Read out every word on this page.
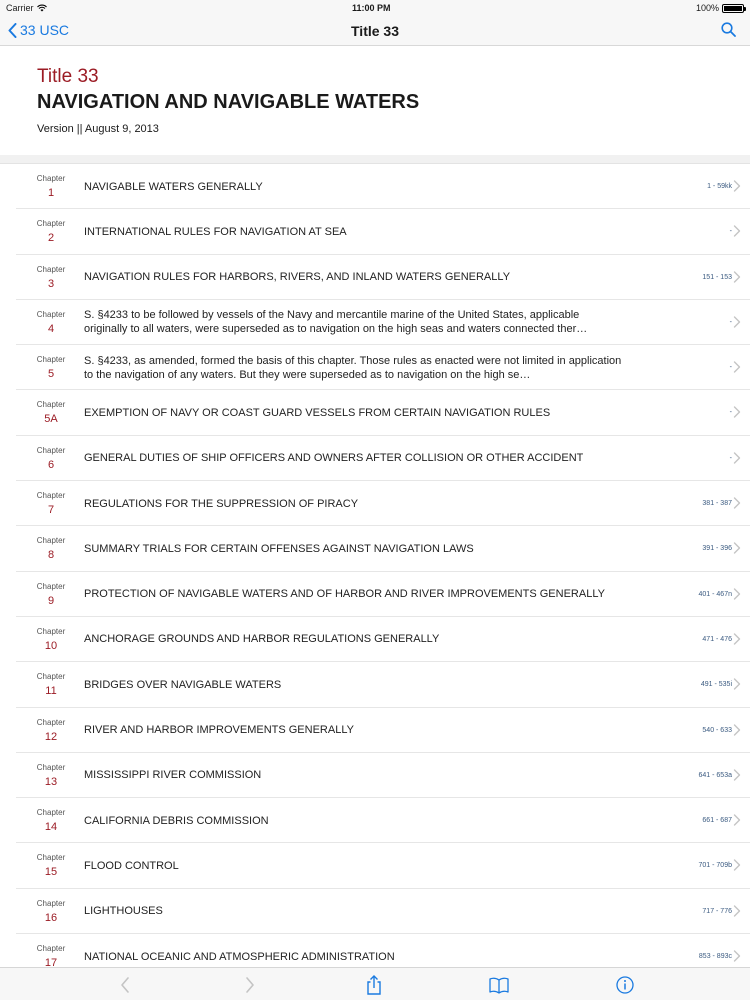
Carrier	11:00 PM	100%
33 USC	Title 33
Title 33
NAVIGATION AND NAVIGABLE WATERS
Version || August 9, 2013
Chapter
1
NAVIGABLE WATERS GENERALLY	1 - 59kk
Chapter
2
INTERNATIONAL RULES FOR NAVIGATION AT SEA	-
Chapter
3
NAVIGATION RULES FOR HARBORS, RIVERS, AND INLAND WATERS GENERALLY	151 - 153
Chapter
4
S. §4233 to be followed by vessels of the Navy and mercantile marine of the United States, applicable originally to all waters, were superseded as to navigation on the high seas and waters connected ther…
-
Chapter
5
S. §4233, as amended, formed the basis of this chapter. Those rules as enacted were not limited in application to the navigation of any waters. But they were superseded as to navigation on the high se…
-
Chapter
5A
EXEMPTION OF NAVY OR COAST GUARD VESSELS FROM CERTAIN NAVIGATION RULES	-
Chapter
6
GENERAL DUTIES OF SHIP OFFICERS AND OWNERS AFTER COLLISION OR OTHER ACCIDENT	-
Chapter
7
REGULATIONS FOR THE SUPPRESSION OF PIRACY	381 - 387
Chapter
8
SUMMARY TRIALS FOR CERTAIN OFFENSES AGAINST NAVIGATION LAWS	391 - 396
Chapter
9
PROTECTION OF NAVIGABLE WATERS AND OF HARBOR AND RIVER IMPROVEMENTS GENERALLY	401 - 467n
Chapter
10
ANCHORAGE GROUNDS AND HARBOR REGULATIONS GENERALLY	471 - 476
Chapter
11
BRIDGES OVER NAVIGABLE WATERS	491 - 535i
Chapter
12
RIVER AND HARBOR IMPROVEMENTS GENERALLY	540 - 633
Chapter
13
MISSISSIPPI RIVER COMMISSION	641 - 653a
Chapter
14
CALIFORNIA DEBRIS COMMISSION	661 - 687
Chapter
15
FLOOD CONTROL	701 - 709b
Chapter
16
LIGHTHOUSES	717 - 776
Chapter
17
NATIONAL OCEANIC AND ATMOSPHERIC ADMINISTRATION	853 - 893c
